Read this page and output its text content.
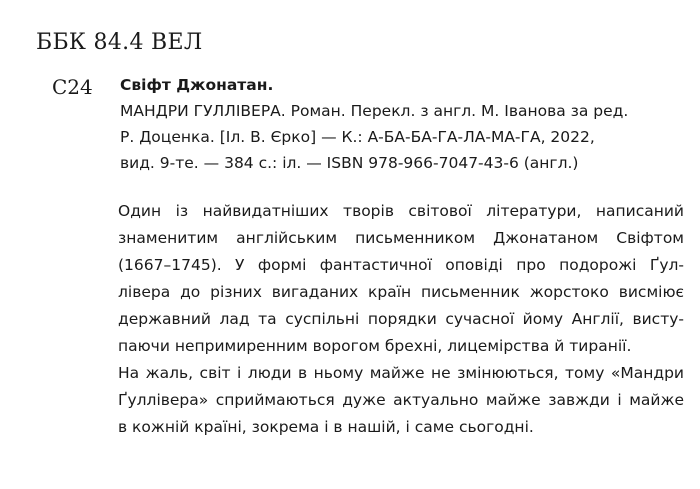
ББК 84.4 ВЕЛ
С24 Свіфт Джонатан.
МАНДРИ ГУЛЛІВЕРА. Роман. Перекл. з англ. М. Іванова за ред.
Р. Доценка. [Іл. В. Єрко] — К.: А-БА-БА-ГА-ЛА-МА-ГА, 2022,
вид. 9-те. — 384 с.: іл. — ISBN 978-966-7047-43-6 (англ.)
Один із найвидатніших творів світової літератури, написаний
знаменитим англійським письменником Джонатаном Свіфтом
(1667–1745). У формі фантастичної оповіді про подорожі Ґул-
лівера до різних вигаданих країн письменник жорстоко висміює
державний лад та суспільні порядки сучасної йому Англії, висту-
паючи непримиренним ворогом брехні, лицемірства й тиранії.
На жаль, світ і люди в ньому майже не змінюються, тому «Мандри
Ґуллівера» сприймаються дуже актуально майже завжди і майже
в кожній країні, зокрема і в нашій, і саме сьогодні.
